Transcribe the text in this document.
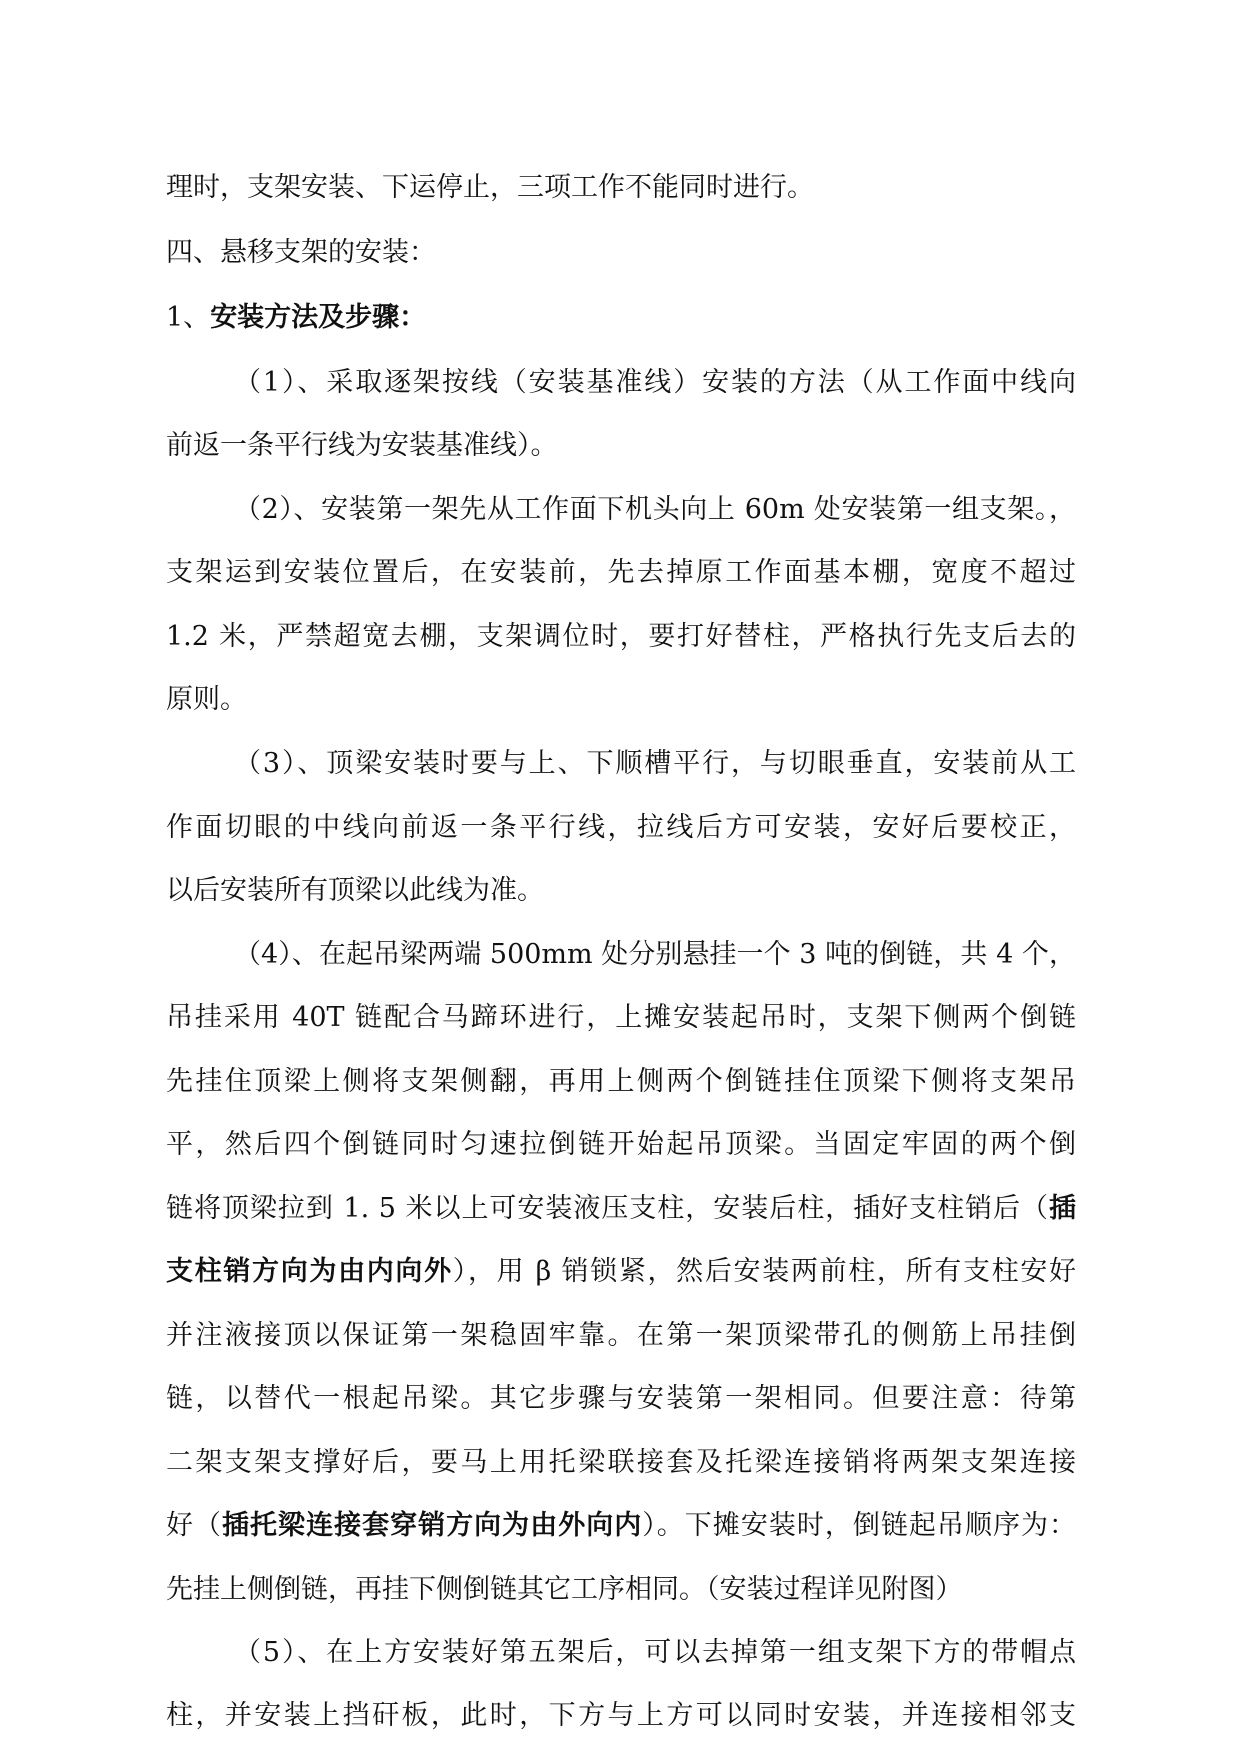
理时，支架安装、下运停止，三项工作不能同时进行。

四、悬移支架的安装：

1、安装方法及步骤：

（1）、采取逐架按线（安装基准线）安装的方法（从工作面中线向

前返一条平行线为安装基准线）。

（2）、安装第一架先从工作面下机头向上 60m 处安装第一组支架。，

支架运到安装位置后，在安装前，先去掉原工作面基本棚，宽度不超过

1.2 米，严禁超宽去棚，支架调位时，要打好替柱，严格执行先支后去的

原则。

（3）、顶梁安装时要与上、下顺槽平行，与切眼垂直，安装前从工

作面切眼的中线向前返一条平行线，拉线后方可安装，安好后要校正，

以后安装所有顶梁以此线为准。

（4）、在起吊梁两端 500mm 处分别悬挂一个 3 吨的倒链，共 4 个，

吊挂采用 40T 链配合马蹄环进行，上摊安装起吊时，支架下侧两个倒链

先挂住顶梁上侧将支架侧翻，再用上侧两个倒链挂住顶梁下侧将支架吊

平，然后四个倒链同时匀速拉倒链开始起吊顶梁。当固定牢固的两个倒

链将顶梁拉到 1. 5 米以上可安装液压支柱，安装后柱，插好支柱销后（插

支柱销方向为由内向外），用 β 销锁紧，然后安装两前柱，所有支柱安好

并注液接顶以保证第一架稳固牢靠。在第一架顶梁带孔的侧筋上吊挂倒

链，以替代一根起吊梁。其它步骤与安装第一架相同。但要注意：待第

二架支架支撑好后，要马上用托梁联接套及托梁连接销将两架支架连接

好（插托梁连接套穿销方向为由外向内）。下摊安装时，倒链起吊顺序为：

先挂上侧倒链，再挂下侧倒链其它工序相同。（安装过程详见附图）

（5）、在上方安装好第五架后，可以去掉第一组支架下方的带帽点

柱，并安装上挡矸板，此时，下方与上方可以同时安装，并连接相邻支
